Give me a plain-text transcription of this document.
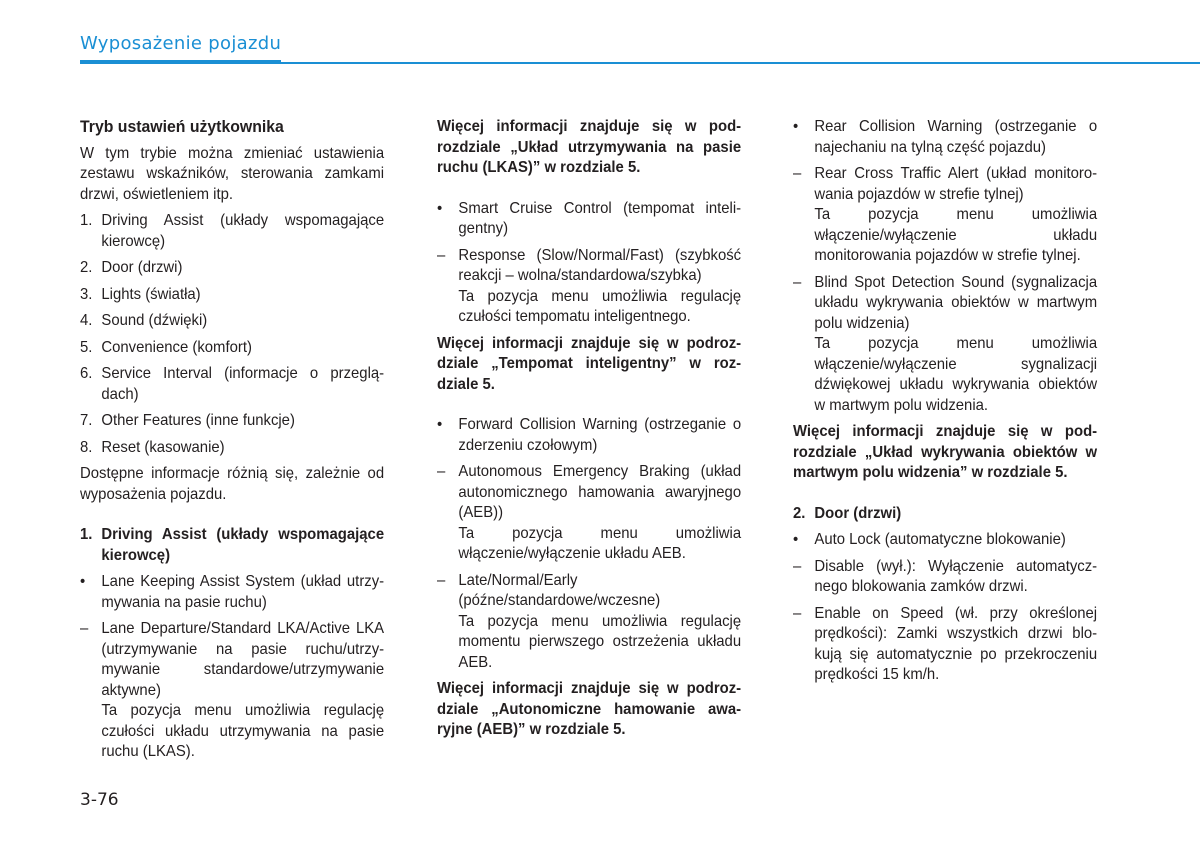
Wyposażenie pojazdu

Tryb ustawień użytkownika

W tym trybie można zmieniać ustawienia zestawu wskaźników, sterowania zamkami drzwi, oświetleniem itp.

1. Driving Assist (układy wspomagające kierowcę)
2. Door (drzwi)
3. Lights (światła)
4. Sound (dźwięki)
5. Convenience (komfort)
6. Service Interval (informacje o przeglądach)
7. Other Features (inne funkcje)
8. Reset (kasowanie)

Dostępne informacje różnią się, zależnie od wyposażenia pojazdu.

1. Driving Assist (układy wspomagające kierowcę)
•	Lane Keeping Assist System (układ utrzymywania na pasie ruchu)
– Lane Departure/Standard LKA/Active LKA (utrzymywanie na pasie ruchu/utrzymywanie standardowe/utrzymywanie aktywne)

Ta pozycja menu umożliwia regulację czułości układu utrzymywania na pasie ruchu (LKAS).

Więcej informacji znajduje się w podrozdziale „Układ utrzymywania na pasie ruchu (LKAS)” w rozdziale 5.

•	Smart Cruise Control (tempomat inteligentny)
– Response (Slow/Normal/Fast) (szybkość reakcji – wolna/standardowa/szybka)

Ta pozycja menu umożliwia regulację czułości tempomatu inteligentnego.

Więcej informacji znajduje się w podrozdziale „Tempomat inteligentny” w rozdziale 5.

•	Forward Collision Warning (ostrzeganie o zderzeniu czołowym)
– Autonomous Emergency Braking (układ autonomicznego hamowania awaryjnego (AEB))

Ta pozycja menu umożliwia włączenie/wyłączenie układu AEB.

– Late/Normal/Early (późne/standardowe/wczesne)

Ta pozycja menu umożliwia regulację momentu pierwszego ostrzeżenia układu AEB.

Więcej informacji znajduje się w podrozdziale „Autonomiczne hamowanie awaryjne (AEB)” w rozdziale 5.

•	Rear Collision Warning (ostrzeganie o najechaniu na tylną część pojazdu)
– Rear Cross Traffic Alert (układ monitorowania pojazdów w strefie tylnej)

Ta pozycja menu umożliwia włączenie/wyłączenie układu monitorowania pojazdów w strefie tylnej.

– Blind Spot Detection Sound (sygnalizacja układu wykrywania obiektów w martwym polu widzenia)

Ta pozycja menu umożliwia włączenie/wyłączenie sygnalizacji dźwiękowej układu wykrywania obiektów w martwym polu widzenia.

Więcej informacji znajduje się w podrozdziale „Układ wykrywania obiektów w martwym polu widzenia” w rozdziale 5.

2. Door (drzwi)
•	Auto Lock (automatyczne blokowanie)
– Disable (wył.): Wyłączenie automatycznego blokowania zamków drzwi.
– Enable on Speed (wł. przy określonej prędkości): Zamki wszystkich drzwi blokują się automatycznie po przekroczeniu prędkości 15 km/h.
3-76
